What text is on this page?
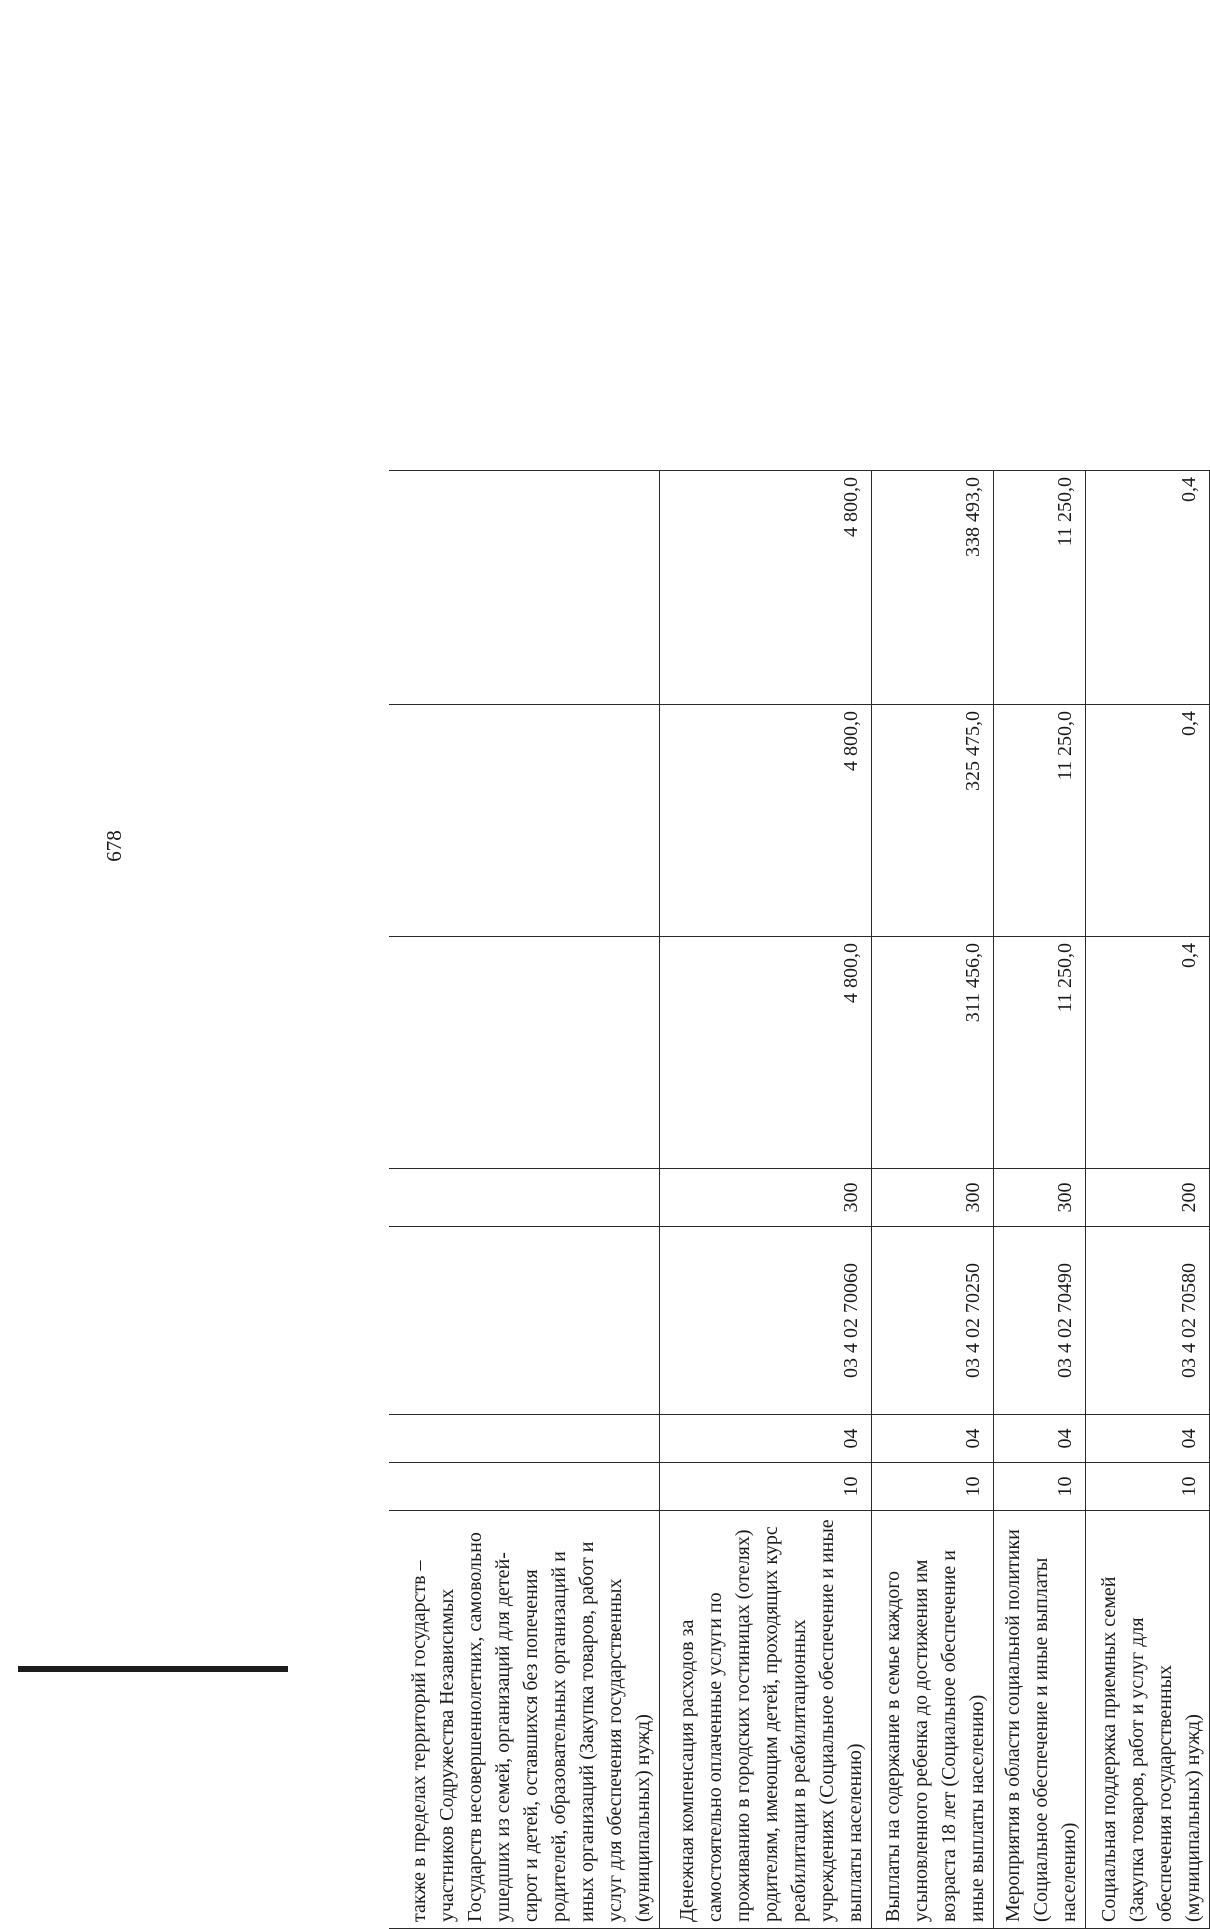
678
также в пределах территорий государств – участников Содружества Независимых Государств несовершеннолетних, самовольно ушедших из семей, организаций для детей-сирот и детей, оставшихся без попечения родителей, образовательных организаций и иных организаций (Закупка товаров, работ и услуг для обеспечения государственных (муниципальных) нужд)							
Денежная компенсация расходов за самостоятельно оплаченные услуги по проживанию в городских гостиницах (отелях) родителям, имеющим детей, проходящих курс реабилитации в реабилитационных учреждениях (Социальное обеспечение и иные выплаты населению)	10	04	03 4 02 70060	300	4 800,0	4 800,0	4 800,0
Выплаты на содержание в семье каждого усыновленного ребенка до достижения им возраста 18 лет (Социальное обеспечение и иные выплаты населению)	10	04	03 4 02 70250	300	311 456,0	325 475,0	338 493,0
Мероприятия в области социальной политики (Социальное обеспечение и иные выплаты населению)	10	04	03 4 02 70490	300	11 250,0	11 250,0	11 250,0
Социальная поддержка приемных семей (Закупка товаров, работ и услуг для обеспечения государственных (муниципальных) нужд)	10	04	03 4 02 70580	200	0,4	0,4	0,4
